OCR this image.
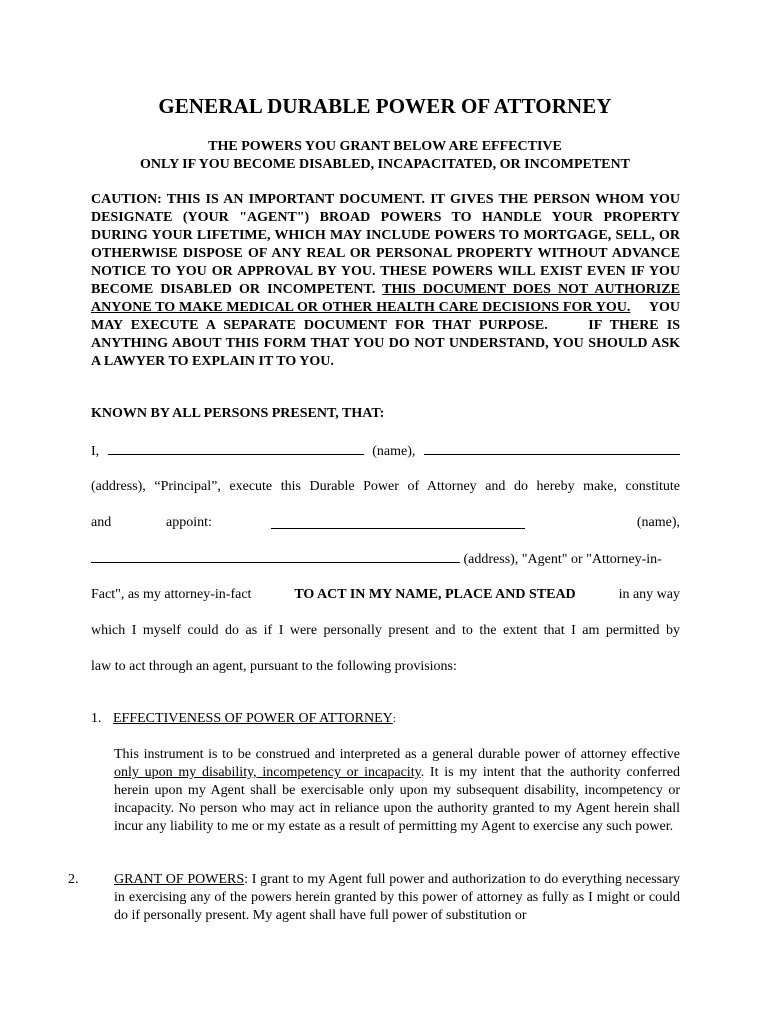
GENERAL DURABLE POWER OF ATTORNEY
THE POWERS YOU GRANT BELOW ARE EFFECTIVE
ONLY IF YOU BECOME DISABLED, INCAPACITATED, OR INCOMPETENT
CAUTION: THIS IS AN IMPORTANT DOCUMENT. IT GIVES THE PERSON WHOM YOU DESIGNATE (YOUR "AGENT") BROAD POWERS TO HANDLE YOUR PROPERTY DURING YOUR LIFETIME, WHICH MAY INCLUDE POWERS TO MORTGAGE, SELL, OR OTHERWISE DISPOSE OF ANY REAL OR PERSONAL PROPERTY WITHOUT ADVANCE NOTICE TO YOU OR APPROVAL BY YOU. THESE POWERS WILL EXIST EVEN IF YOU BECOME DISABLED OR INCOMPETENT. THIS DOCUMENT DOES NOT AUTHORIZE ANYONE TO MAKE MEDICAL OR OTHER HEALTH CARE DECISIONS FOR YOU.     YOU MAY EXECUTE A SEPARATE DOCUMENT FOR THAT PURPOSE.     IF THERE IS ANYTHING ABOUT THIS FORM THAT YOU DO NOT UNDERSTAND, YOU SHOULD ASK A LAWYER TO EXPLAIN IT TO YOU.
KNOWN BY ALL PERSONS PRESENT, THAT:
I,	(name),
(address), “Principal”, execute this Durable Power of Attorney and do hereby make, constitute
and	appoint:	(name),
(address), "Agent" or "Attorney-in-
Fact", as my attorney-in-fact	TO ACT IN MY NAME, PLACE AND STEAD	in any way
which I myself could do as if I were personally present and to the extent that I am permitted by
law to act through an agent, pursuant to the following provisions:
1. EFFECTIVENESS OF POWER OF ATTORNEY:
This instrument is to be construed and interpreted as a general durable power of attorney effective only upon my disability, incompetency or incapacity. It is my intent that the authority conferred herein upon my Agent shall be exercisable only upon my subsequent disability, incompetency or incapacity. No person who may act in reliance upon the authority granted to my Agent herein shall incur any liability to me or my estate as a result of permitting my Agent to exercise any such power.
2.	GRANT OF POWERS: I grant to my Agent full power and authorization to do everything necessary in exercising any of the powers herein granted by this power of attorney as fully as I might or could do if personally present. My agent shall have full power of substitution or
